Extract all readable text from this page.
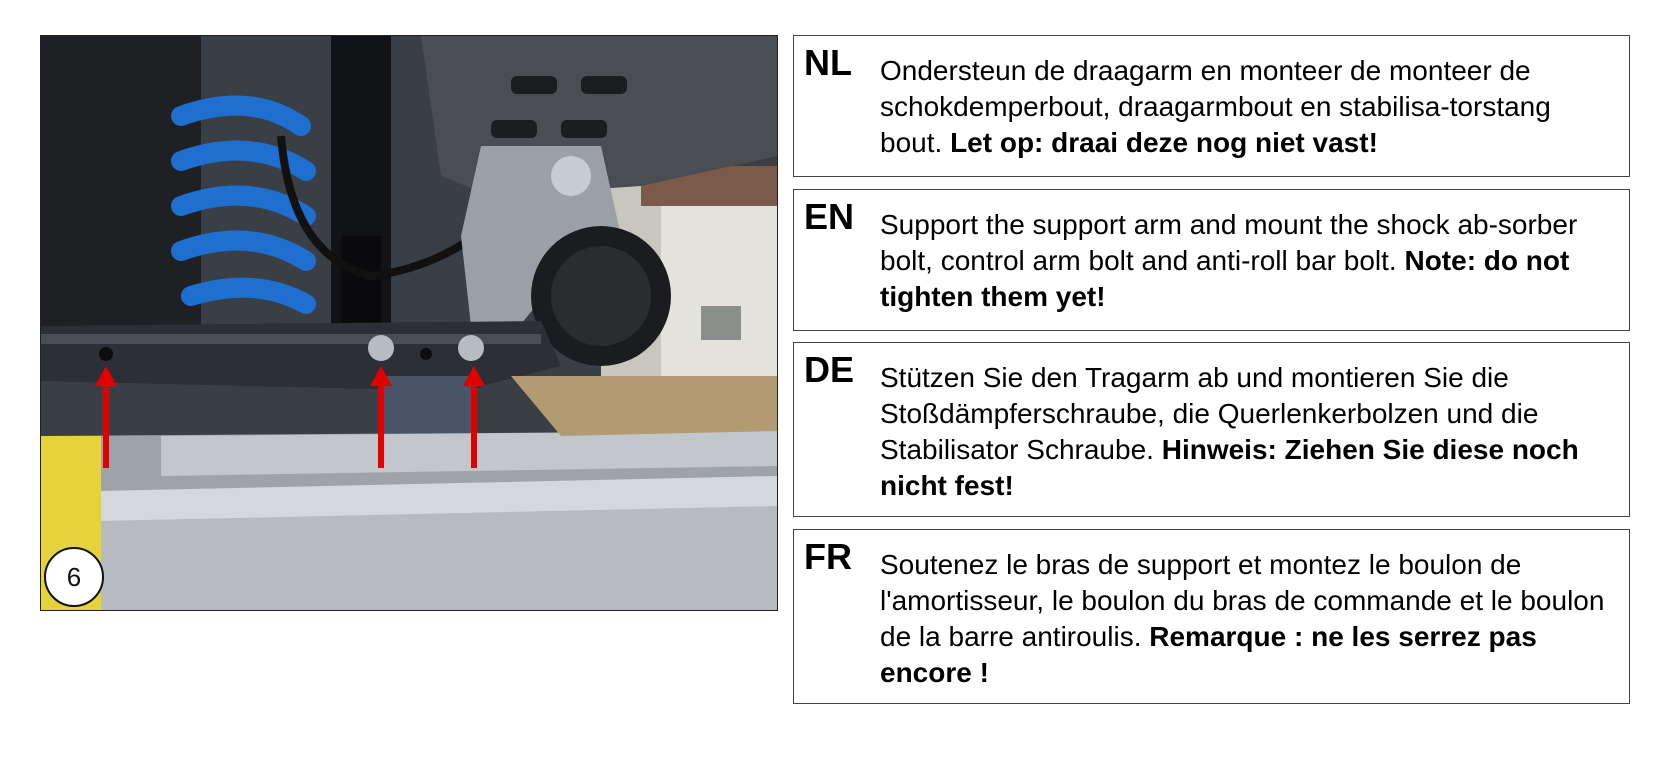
6
NL	Ondersteun de draagarm en monteer de monteer de schokdemperbout, draagarmbout en stabilisa-torstang bout. Let op: draai deze nog niet vast!
EN Support the support arm and mount the shock ab-sorber bolt, control arm bolt and anti-roll bar bolt. Note: do not tighten them yet!
DE Stützen Sie den Tragarm ab und montieren Sie die Stoßdämpferschraube, die Querlenkerbolzen und die Stabilisator Schraube. Hinweis: Ziehen Sie diese noch nicht fest!
FR	Soutenez le bras de support et montez le boulon de l'amortisseur, le boulon du bras de commande et le boulon de la barre antiroulis. Remarque : ne les serrez pas encore !
